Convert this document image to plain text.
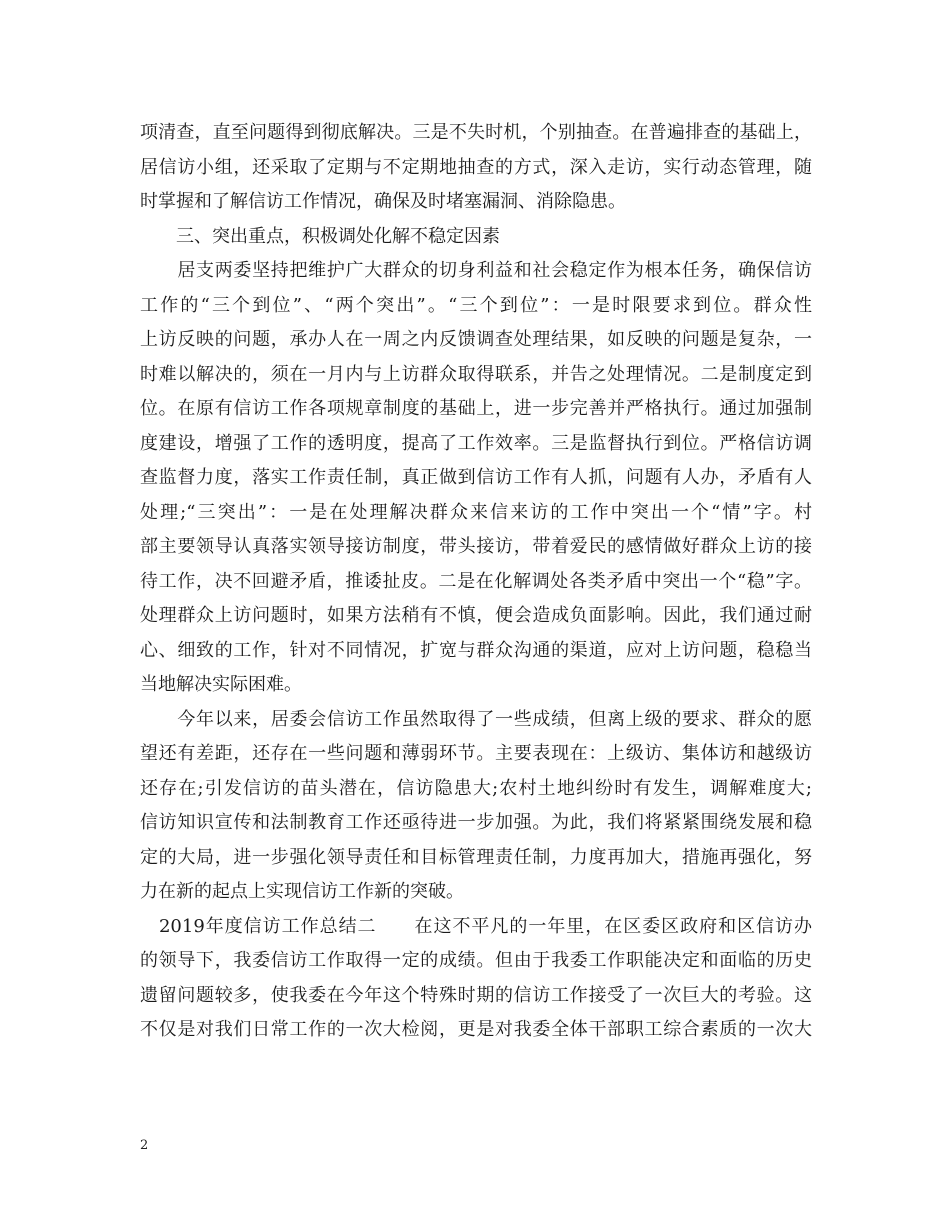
项清查，直至问题得到彻底解决。三是不失时机，个别抽查。在普遍排查的基础上，
居信访小组，还采取了定期与不定期地抽查的方式，深入走访，实行动态管理，随
时掌握和了解信访工作情况，确保及时堵塞漏洞、消除隐患。
　　三、突出重点，积极调处化解不稳定因素
　　居支两委坚持把维护广大群众的切身利益和社会稳定作为根本任务，确保信访
工作的“三个到位”、“两个突出”。“三个到位”：一是时限要求到位。群众性
上访反映的问题，承办人在一周之内反馈调查处理结果，如反映的问题是复杂，一
时难以解决的，须在一月内与上访群众取得联系，并告之处理情况。二是制度定到
位。在原有信访工作各项规章制度的基础上，进一步完善并严格执行。通过加强制
度建设，增强了工作的透明度，提高了工作效率。三是监督执行到位。严格信访调
查监督力度，落实工作责任制，真正做到信访工作有人抓，问题有人办，矛盾有人
处理;“三突出”：一是在处理解决群众来信来访的工作中突出一个“情”字。村
部主要领导认真落实领导接访制度，带头接访，带着爱民的感情做好群众上访的接
待工作，决不回避矛盾，推诿扯皮。二是在化解调处各类矛盾中突出一个“稳”字。
处理群众上访问题时，如果方法稍有不慎，便会造成负面影响。因此，我们通过耐
心、细致的工作，针对不同情况，扩宽与群众沟通的渠道，应对上访问题，稳稳当
当地解决实际困难。
　　今年以来，居委会信访工作虽然取得了一些成绩，但离上级的要求、群众的愿
望还有差距，还存在一些问题和薄弱环节。主要表现在：上级访、集体访和越级访
还存在;引发信访的苗头潜在，信访隐患大;农村土地纠纷时有发生，调解难度大;
信访知识宣传和法制教育工作还亟待进一步加强。为此，我们将紧紧围绕发展和稳
定的大局，进一步强化领导责任和目标管理责任制，力度再加大，措施再强化，努
力在新的起点上实现信访工作新的突破。
　2019年度信访工作总结二　　在这不平凡的一年里，在区委区政府和区信访办
的领导下，我委信访工作取得一定的成绩。但由于我委工作职能决定和面临的历史
遗留问题较多，使我委在今年这个特殊时期的信访工作接受了一次巨大的考验。这
不仅是对我们日常工作的一次大检阅，更是对我委全体干部职工综合素质的一次大
2
